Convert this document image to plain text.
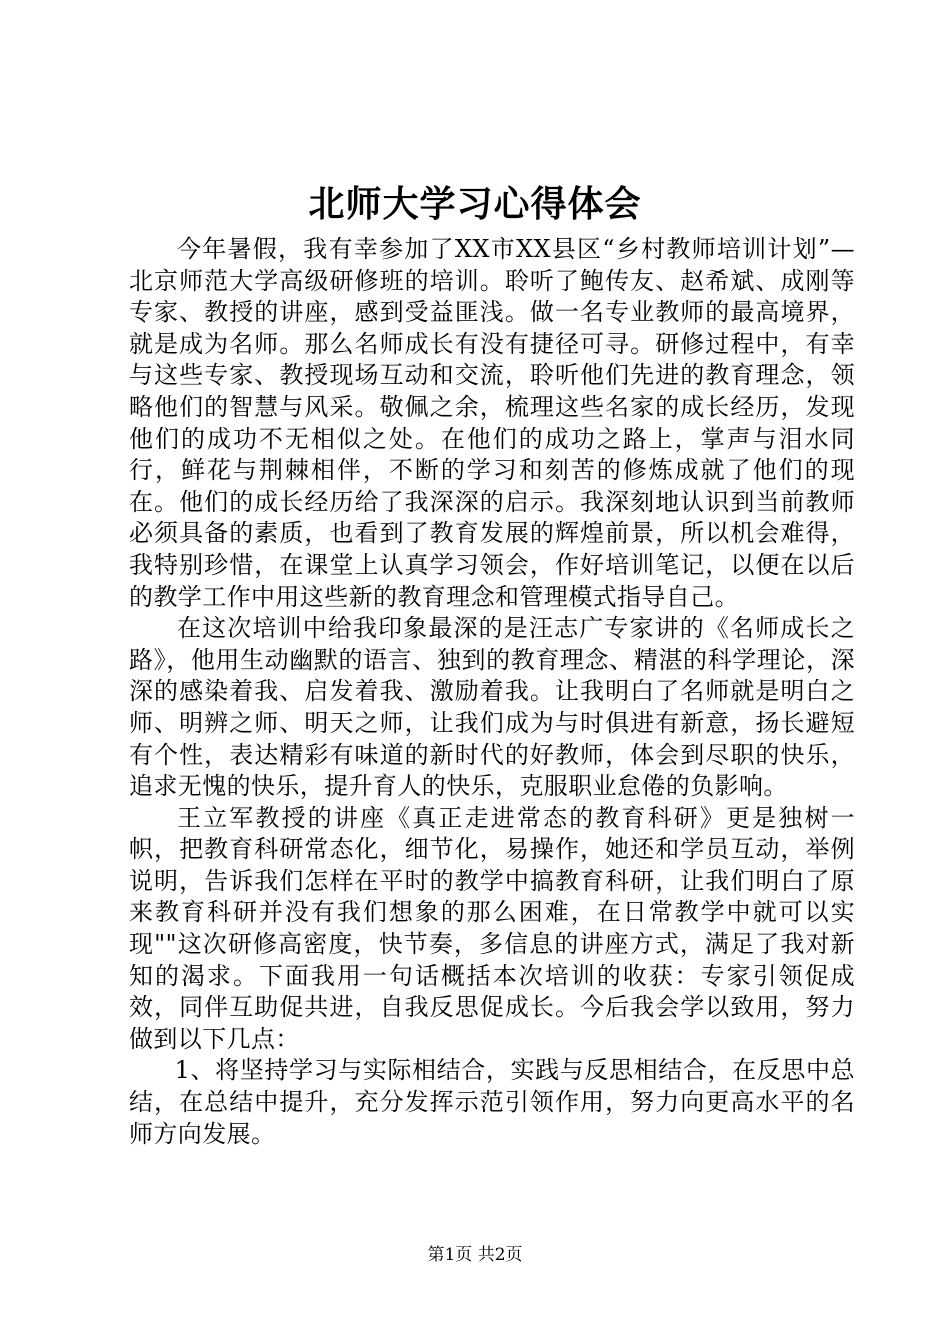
北师大学习心得体会

今年暑假，我有幸参加了XX市XX县区“乡村教师培训计划”—北京师范大学高级研修班的培训。聆听了鲍传友、赵希斌、成刚等专家、教授的讲座，感到受益匪浅。做一名专业教师的最高境界，就是成为名师。那么名师成长有没有捷径可寻。研修过程中，有幸与这些专家、教授现场互动和交流，聆听他们先进的教育理念，领略他们的智慧与风采。敬佩之余，梳理这些名家的成长经历，发现他们的成功不无相似之处。在他们的成功之路上，掌声与泪水同行，鲜花与荆棘相伴，不断的学习和刻苦的修炼成就了他们的现在。他们的成长经历给了我深深的启示。我深刻地认识到当前教师必须具备的素质，也看到了教育发展的辉煌前景，所以机会难得，我特别珍惜，在课堂上认真学习领会，作好培训笔记，以便在以后的教学工作中用这些新的教育理念和管理模式指导自己。

在这次培训中给我印象最深的是汪志广专家讲的《名师成长之路》，他用生动幽默的语言、独到的教育理念、精湛的科学理论，深深的感染着我、启发着我、激励着我。让我明白了名师就是明白之师、明辨之师、明天之师，让我们成为与时俱进有新意，扬长避短有个性，表达精彩有味道的新时代的好教师，体会到尽职的快乐，追求无愧的快乐，提升育人的快乐，克服职业怠倦的负影响。

王立军教授的讲座《真正走进常态的教育科研》更是独树一帜，把教育科研常态化，细节化，易操作，她还和学员互动，举例说明，告诉我们怎样在平时的教学中搞教育科研，让我们明白了原来教育科研并没有我们想象的那么困难，在日常教学中就可以实现""这次研修高密度，快节奏，多信息的讲座方式，满足了我对新知的渴求。下面我用一句话概括本次培训的收获：专家引领促成效，同伴互助促共进，自我反思促成长。今后我会学以致用，努力做到以下几点：

1、将坚持学习与实际相结合，实践与反思相结合，在反思中总结，在总结中提升，充分发挥示范引领作用，努力向更高水平的名师方向发展。

第1页 共2页
